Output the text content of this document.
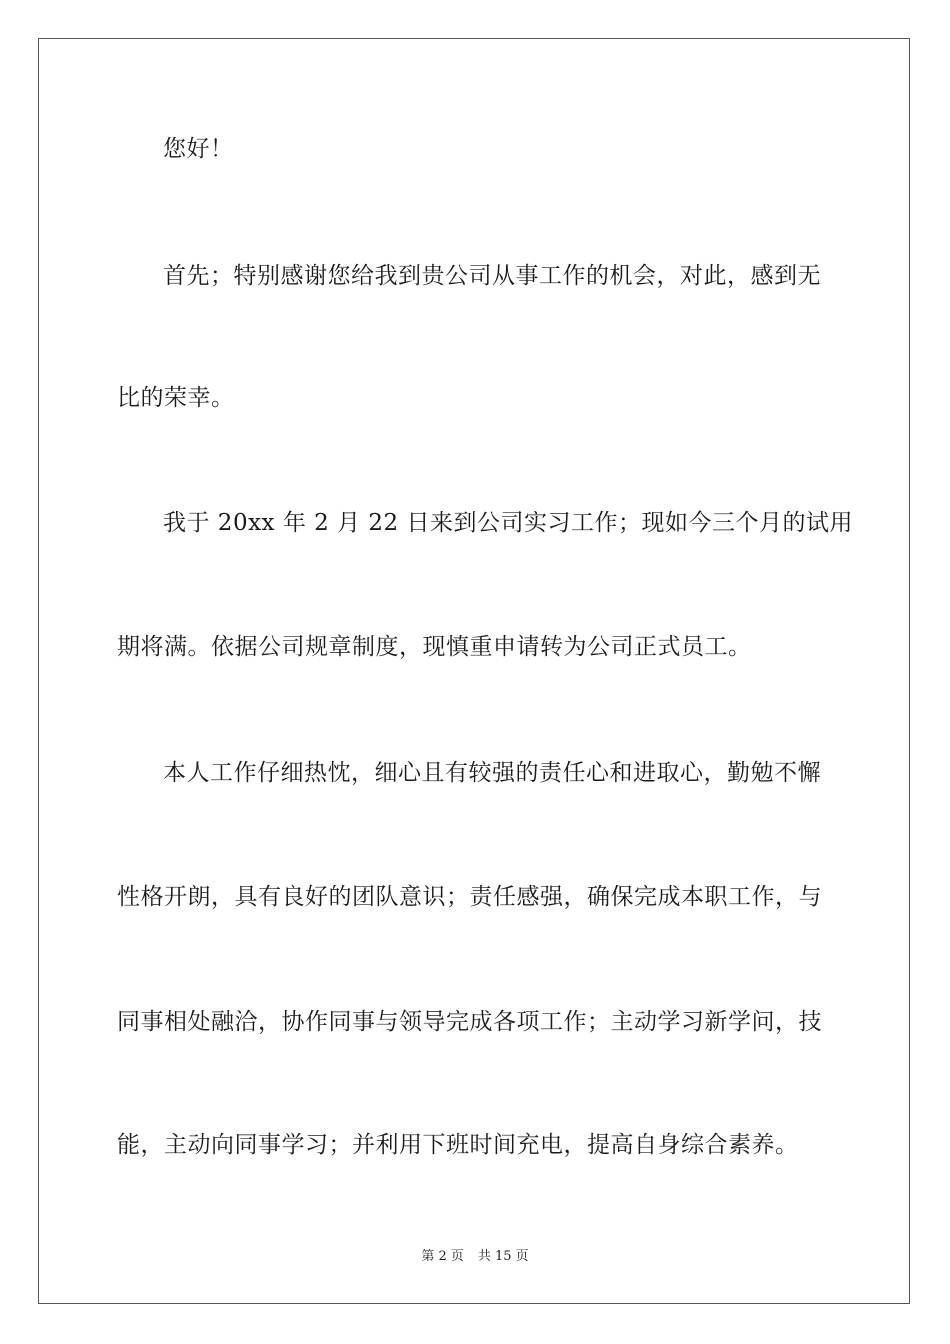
您好！
首先；特别感谢您给我到贵公司从事工作的机会，对此，感到无
比的荣幸。
我于 20xx 年 2 月 22 日来到公司实习工作；现如今三个月的试用
期将满。依据公司规章制度，现慎重申请转为公司正式员工。
本人工作仔细热忱，细心且有较强的责任心和进取心，勤勉不懈
性格开朗，具有良好的团队意识；责任感强，确保完成本职工作，与
同事相处融洽，协作同事与领导完成各项工作；主动学习新学问，技
能，主动向同事学习；并利用下班时间充电，提高自身综合素养。
第 2 页 共 15 页
